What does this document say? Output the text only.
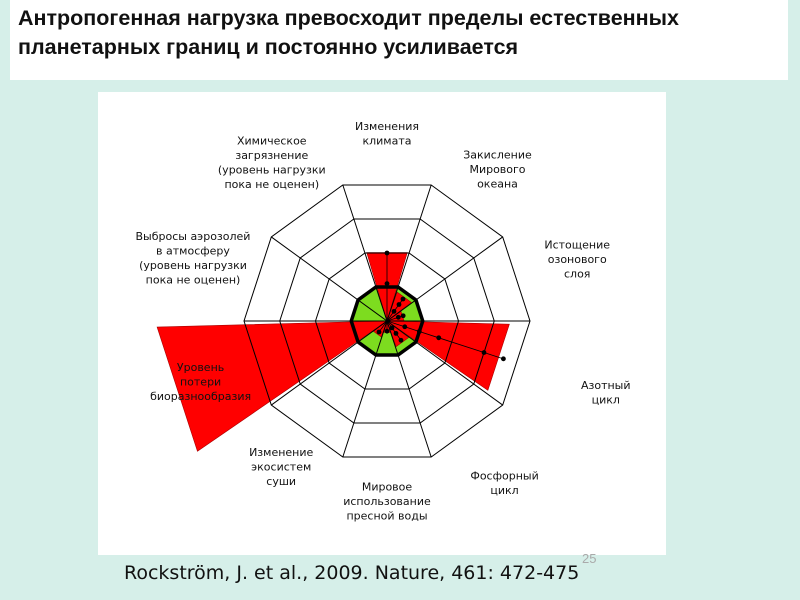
Антропогенная нагрузка превосходит пределы естественных планетарных границ и постоянно усиливается
Изменения климата
Закисление Мирового океана
Истощение озонового слоя
Азотный цикл
Фосфорный цикл
Мировое использование пресной воды
Изменение экосистем суши
Уровень потери биоразнообразия
Выбросы аэрозолей в атмосферу (уровень нагрузки пока не оценен)
Химическое загрязнение (уровень нагрузки пока не оценен)
Rockström, J. et al., 2009. Nature, 461: 472-475
25
